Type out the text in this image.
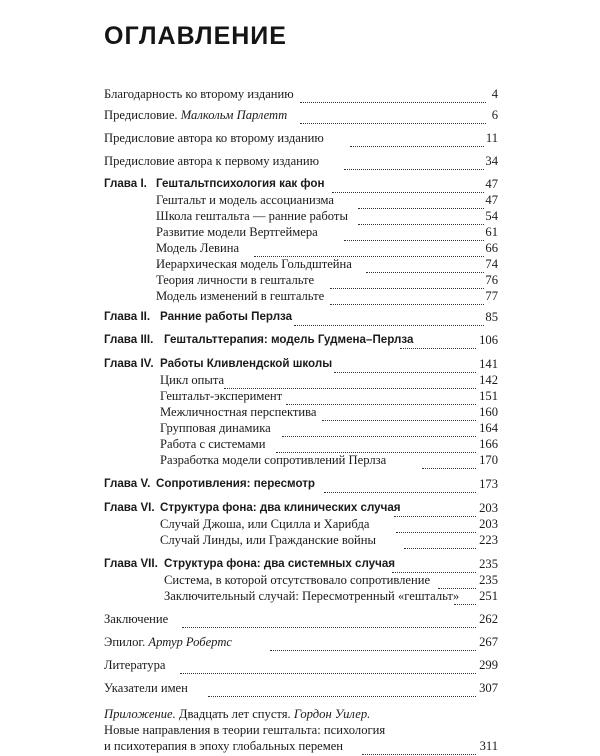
ОГЛАВЛЕНИЕ
Благодарность ко второму изданию	4
Предисловие. Малкольм Парлетт	6
Предисловие автора ко второму изданию	11
Предисловие автора к первому изданию	34
Глава I. Гештальтпсихология как фон	47
Гештальт и модель ассоцианизма	47
Школа гештальта — ранние работы	54
Развитие модели Вертгеймера	61
Модель Левина	66
Иерархическая модель Гольдштейна	74
Теория личности в гештальте	76
Модель изменений в гештальте	77
Глава II. Ранние работы Перлза	85
Глава III. Гештальттерапия: модель Гудмена–Перлза	106
Глава IV. Работы Кливлендской школы	141
Цикл опыта	142
Гештальт-эксперимент	151
Межличностная перспектива	160
Групповая динамика	164
Работа с системами	166
Разработка модели сопротивлений Перлза	170
Глава V. Сопротивления: пересмотр	173
Глава VI. Структура фона: два клинических случая	203
Случай Джоша, или Сцилла и Харибда	203
Случай Линды, или Гражданские войны	223
Глава VII. Структура фона: два системных случая	235
Система, в которой отсутствовало сопротивление	235
Заключительный случай: Пересмотренный «гештальт» 251
Заключение	262
Эпилог. Артур Робертс	267
Литература	299
Указатели имен	307
Приложение. Двадцать лет спустя. Гордон Уилер.
Новые направления в теории гештальта: психология
и психотерапия в эпоху глобальных перемен	311
